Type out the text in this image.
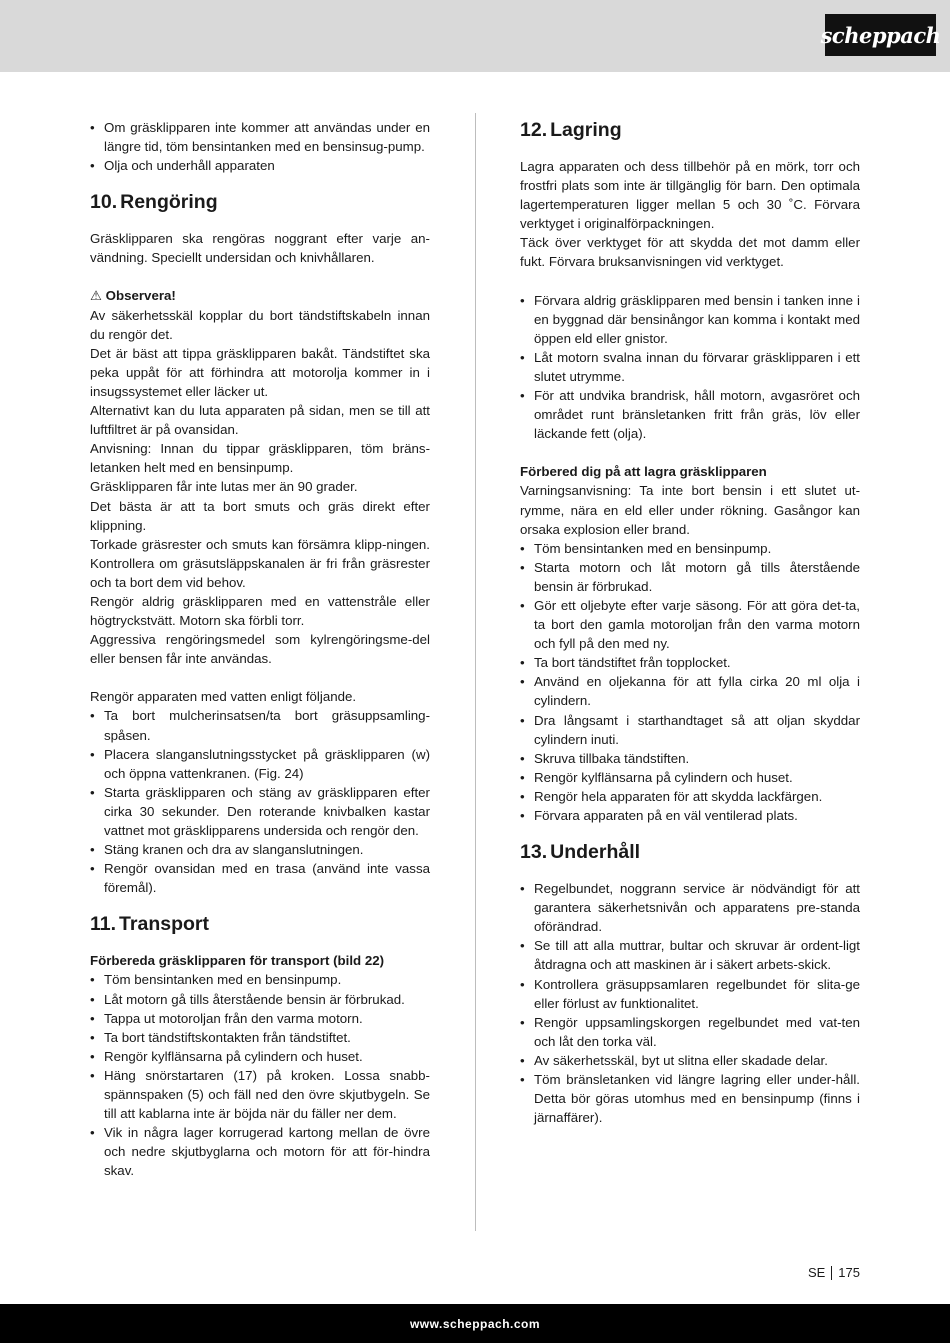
scheppach
• Om gräsklipparen inte kommer att användas under en längre tid, töm bensintanken med en bensinsug-pump.
• Olja och underhåll apparaten
10. Rengöring

Gräsklipparen ska rengöras noggrant efter varje an-vändning. Speciellt undersidan och knivhållaren.

⚠ Observera!

Av säkerhetsskäl kopplar du bort tändstiftskabeln innan du rengör det.

Det är bäst att tippa gräsklipparen bakåt. Tändstiftet ska peka uppåt för att förhindra att motorolja kommer in i insugssystemet eller läcker ut.

Alternativt kan du luta apparaten på sidan, men se till att luftfiltret är på ovansidan.

Anvisning: Innan du tippar gräsklipparen, töm bräns-letanken helt med en bensinpump.

Gräsklipparen får inte lutas mer än 90 grader.

Det bästa är att ta bort smuts och gräs direkt efter klippning.

Torkade gräsrester och smuts kan försämra klipp-ningen. Kontrollera om gräsutsläppskanalen är fri från gräsrester och ta bort dem vid behov.

Rengör aldrig gräsklipparen med en vattenstråle eller högtryckstvätt. Motorn ska förbli torr.

Aggressiva rengöringsmedel som kylrengöringsme-del eller bensen får inte användas.

Rengör apparaten med vatten enligt följande.

• Ta bort mulcherinsatsen/ta bort gräsuppsamling-spåsen.
• Placera slanganslutningsstycket på gräsklipparen (w) och öppna vattenkranen. (Fig. 24)
• Starta gräsklipparen och stäng av gräsklipparen efter cirka 30 sekunder. Den roterande knivbalken kastar vattnet mot gräsklipparens undersida och rengör den.
• Stäng kranen och dra av slanganslutningen.
• Rengör ovansidan med en trasa (använd inte vassa föremål).
11. Transport

Förbereda gräsklipparen för transport (bild 22)

• Töm bensintanken med en bensinpump.
• Låt motorn gå tills återstående bensin är förbrukad.
• Tappa ut motoroljan från den varma motorn.
• Ta bort tändstiftskontakten från tändstiftet.
• Rengör kylflänsarna på cylindern och huset.
• Häng snörstartaren (17) på kroken. Lossa snabb-spännspaken (5) och fäll ned den övre skjutbygeln. Se till att kablarna inte är böjda när du fäller ner dem.
• Vik in några lager korrugerad kartong mellan de övre och nedre skjutbyglarna och motorn för att för-hindra skav.
12. Lagring

Lagra apparaten och dess tillbehör på en mörk, torr och frostfri plats som inte är tillgänglig för barn. Den optimala lagertemperaturen ligger mellan 5 och 30 ˚C. Förvara verktyget i originalförpackningen.

Täck över verktyget för att skydda det mot damm eller fukt. Förvara bruksanvisningen vid verktyget.

• Förvara aldrig gräsklipparen med bensin i tanken inne i en byggnad där bensinångor kan komma i kontakt med öppen eld eller gnistor.
• Låt motorn svalna innan du förvarar gräsklipparen i ett slutet utrymme.
• För att undvika brandrisk, håll motorn, avgasröret och området runt bränsletanken fritt från gräs, löv eller läckande fett (olja).

Förbered dig på att lagra gräsklipparen

Varningsanvisning: Ta inte bort bensin i ett slutet ut-rymme, nära en eld eller under rökning. Gasångor kan orsaka explosion eller brand.

• Töm bensintanken med en bensinpump.
• Starta motorn och låt motorn gå tills återstående bensin är förbrukad.
• Gör ett oljebyte efter varje säsong. För att göra det-ta, ta bort den gamla motoroljan från den varma motorn och fyll på den med ny.
• Ta bort tändstiftet från topplocket.
• Använd en oljekanna för att fylla cirka 20 ml olja i cylindern.
• Dra långsamt i starthandtaget så att oljan skyddar cylindern inuti.
• Skruva tillbaka tändstiften.
• Rengör kylflänsarna på cylindern och huset.
• Rengör hela apparaten för att skydda lackfärgen.
• Förvara apparaten på en väl ventilerad plats.
13. Underhåll
• Regelbundet, noggrann service är nödvändigt för att garantera säkerhetsnivån och apparatens pre-standa oförändrad.
• Se till att alla muttrar, bultar och skruvar är ordent-ligt åtdragna och att maskinen är i säkert arbets-skick.
• Kontrollera gräsuppsamlaren regelbundet för slita-ge eller förlust av funktionalitet.
• Rengör uppsamlingskorgen regelbundet med vat-ten och låt den torka väl.
• Av säkerhetsskäl, byt ut slitna eller skadade delar.
• Töm bränsletanken vid längre lagring eller under-håll. Detta bör göras utomhus med en bensinpump (finns i järnaffärer).
SE 175
www.scheppach.com
